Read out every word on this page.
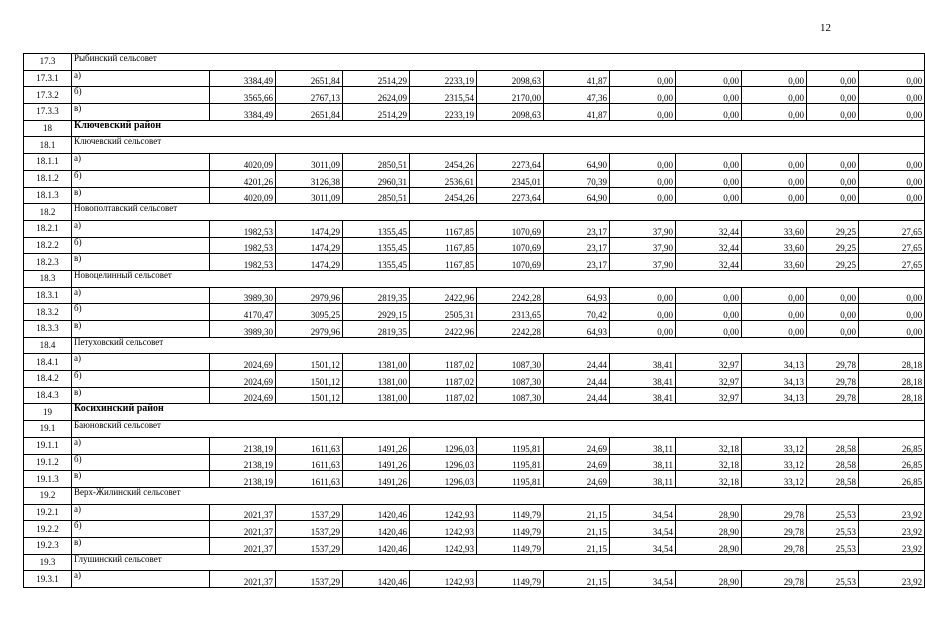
12
17.3	Рыбинский сельсовет											
17.3.1	а)	3384,49	2651,84	2514,29	2233,19	2098,63	41,87	0,00	0,00	0,00	0,00	0,00
17.3.2	б)	3565,66	2767,13	2624,09	2315,54	2170,00	47,36	0,00	0,00	0,00	0,00	0,00
17.3.3	в)	3384,49	2651,84	2514,29	2233,19	2098,63	41,87	0,00	0,00	0,00	0,00	0,00
18	Ключевский район											
18.1	Ключевский сельсовет											
18.1.1	а)	4020,09	3011,09	2850,51	2454,26	2273,64	64,90	0,00	0,00	0,00	0,00	0,00
18.1.2	б)	4201,26	3126,38	2960,31	2536,61	2345,01	70,39	0,00	0,00	0,00	0,00	0,00
18.1.3	в)	4020,09	3011,09	2850,51	2454,26	2273,64	64,90	0,00	0,00	0,00	0,00	0,00
18.2	Новополтавский сельсовет											
18.2.1	а)	1982,53	1474,29	1355,45	1167,85	1070,69	23,17	37,90	32,44	33,60	29,25	27,65
18.2.2	б)	1982,53	1474,29	1355,45	1167,85	1070,69	23,17	37,90	32,44	33,60	29,25	27,65
18.2.3	в)	1982,53	1474,29	1355,45	1167,85	1070,69	23,17	37,90	32,44	33,60	29,25	27,65
18.3	Новоцелинный сельсовет											
18.3.1	а)	3989,30	2979,96	2819,35	2422,96	2242,28	64,93	0,00	0,00	0,00	0,00	0,00
18.3.2	б)	4170,47	3095,25	2929,15	2505,31	2313,65	70,42	0,00	0,00	0,00	0,00	0,00
18.3.3	в)	3989,30	2979,96	2819,35	2422,96	2242,28	64,93	0,00	0,00	0,00	0,00	0,00
18.4	Петуховский сельсовет											
18.4.1	а)	2024,69	1501,12	1381,00	1187,02	1087,30	24,44	38,41	32,97	34,13	29,78	28,18
18.4.2	б)	2024,69	1501,12	1381,00	1187,02	1087,30	24,44	38,41	32,97	34,13	29,78	28,18
18.4.3	в)	2024,69	1501,12	1381,00	1187,02	1087,30	24,44	38,41	32,97	34,13	29,78	28,18
19	Косихинский район											
19.1	Баюновский сельсовет											
19.1.1	а)	2138,19	1611,63	1491,26	1296,03	1195,81	24,69	38,11	32,18	33,12	28,58	26,85
19.1.2	б)	2138,19	1611,63	1491,26	1296,03	1195,81	24,69	38,11	32,18	33,12	28,58	26,85
19.1.3	в)	2138,19	1611,63	1491,26	1296,03	1195,81	24,69	38,11	32,18	33,12	28,58	26,85
19.2	Верх-Жилинский сельсовет											
19.2.1	а)	2021,37	1537,29	1420,46	1242,93	1149,79	21,15	34,54	28,90	29,78	25,53	23,92
19.2.2	б)	2021,37	1537,29	1420,46	1242,93	1149,79	21,15	34,54	28,90	29,78	25,53	23,92
19.2.3	в)	2021,37	1537,29	1420,46	1242,93	1149,79	21,15	34,54	28,90	29,78	25,53	23,92
19.3	Глушинский сельсовет											
19.3.1	а)	2021,37	1537,29	1420,46	1242,93	1149,79	21,15	34,54	28,90	29,78	25,53	23,92
